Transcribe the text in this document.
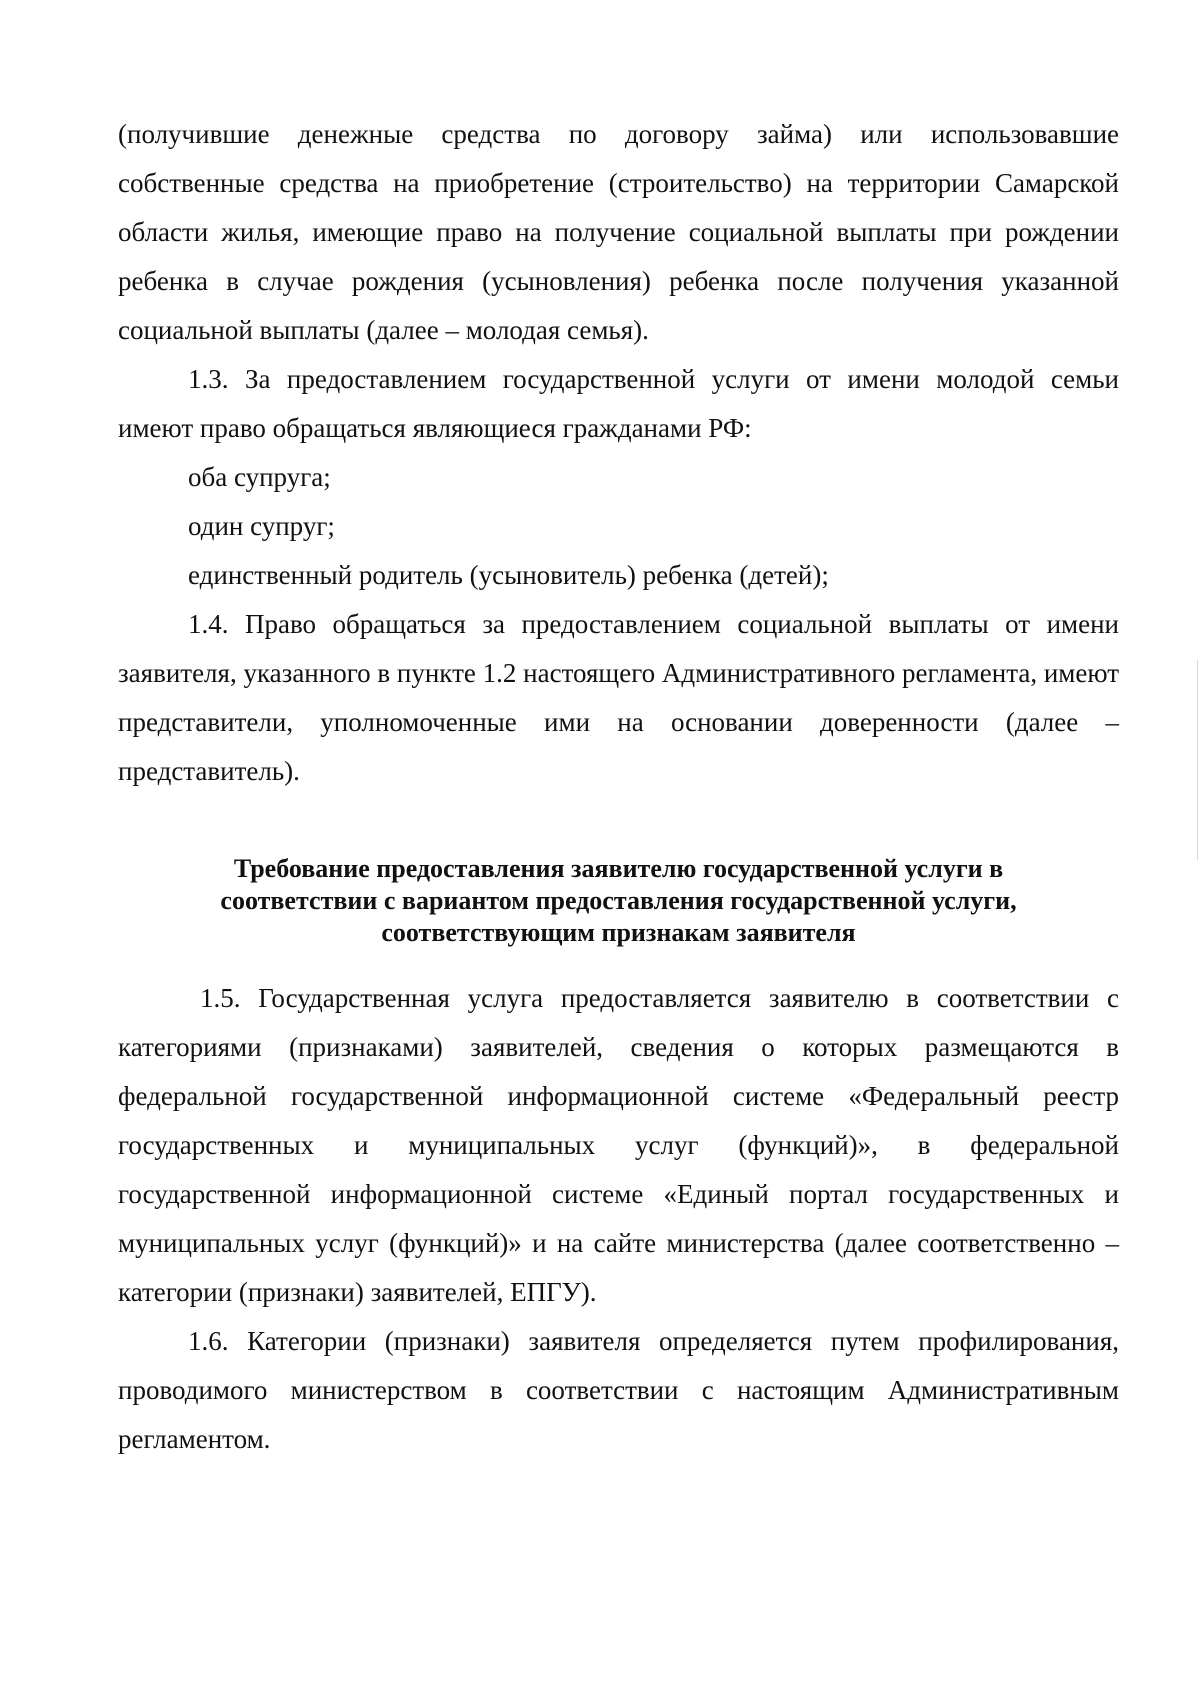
(получившие денежные средства по договору займа) или использовавшие собственные средства на приобретение (строительство) на территории Самарской области жилья, имеющие право на получение социальной выплаты при рождении ребенка в случае рождения (усыновления) ребенка после получения указанной социальной выплаты (далее – молодая семья).

1.3. За предоставлением государственной услуги от имени молодой семьи имеют право обращаться являющиеся гражданами РФ:

оба супруга;

один супруг;

единственный родитель (усыновитель) ребенка (детей);

1.4. Право обращаться за предоставлением социальной выплаты от имени заявителя, указанного в пункте 1.2 настоящего Административного регламента, имеют представители, уполномоченные ими на основании доверенности (далее – представитель).

Требование предоставления заявителю государственной услуги в
соответствии с вариантом предоставления государственной услуги,
соответствующим признакам заявителя

1.5. Государственная услуга предоставляется заявителю в соответствии с категориями (признаками) заявителей, сведения о которых размещаются в федеральной государственной информационной системе «Федеральный реестр государственных и муниципальных услуг (функций)», в федеральной государственной информационной системе «Единый портал государственных и муниципальных услуг (функций)» и на сайте министерства (далее соответственно – категории (признаки) заявителей, ЕПГУ).

1.6. Категории (признаки) заявителя определяется путем профилирования, проводимого министерством в соответствии с настоящим Административным регламентом.
